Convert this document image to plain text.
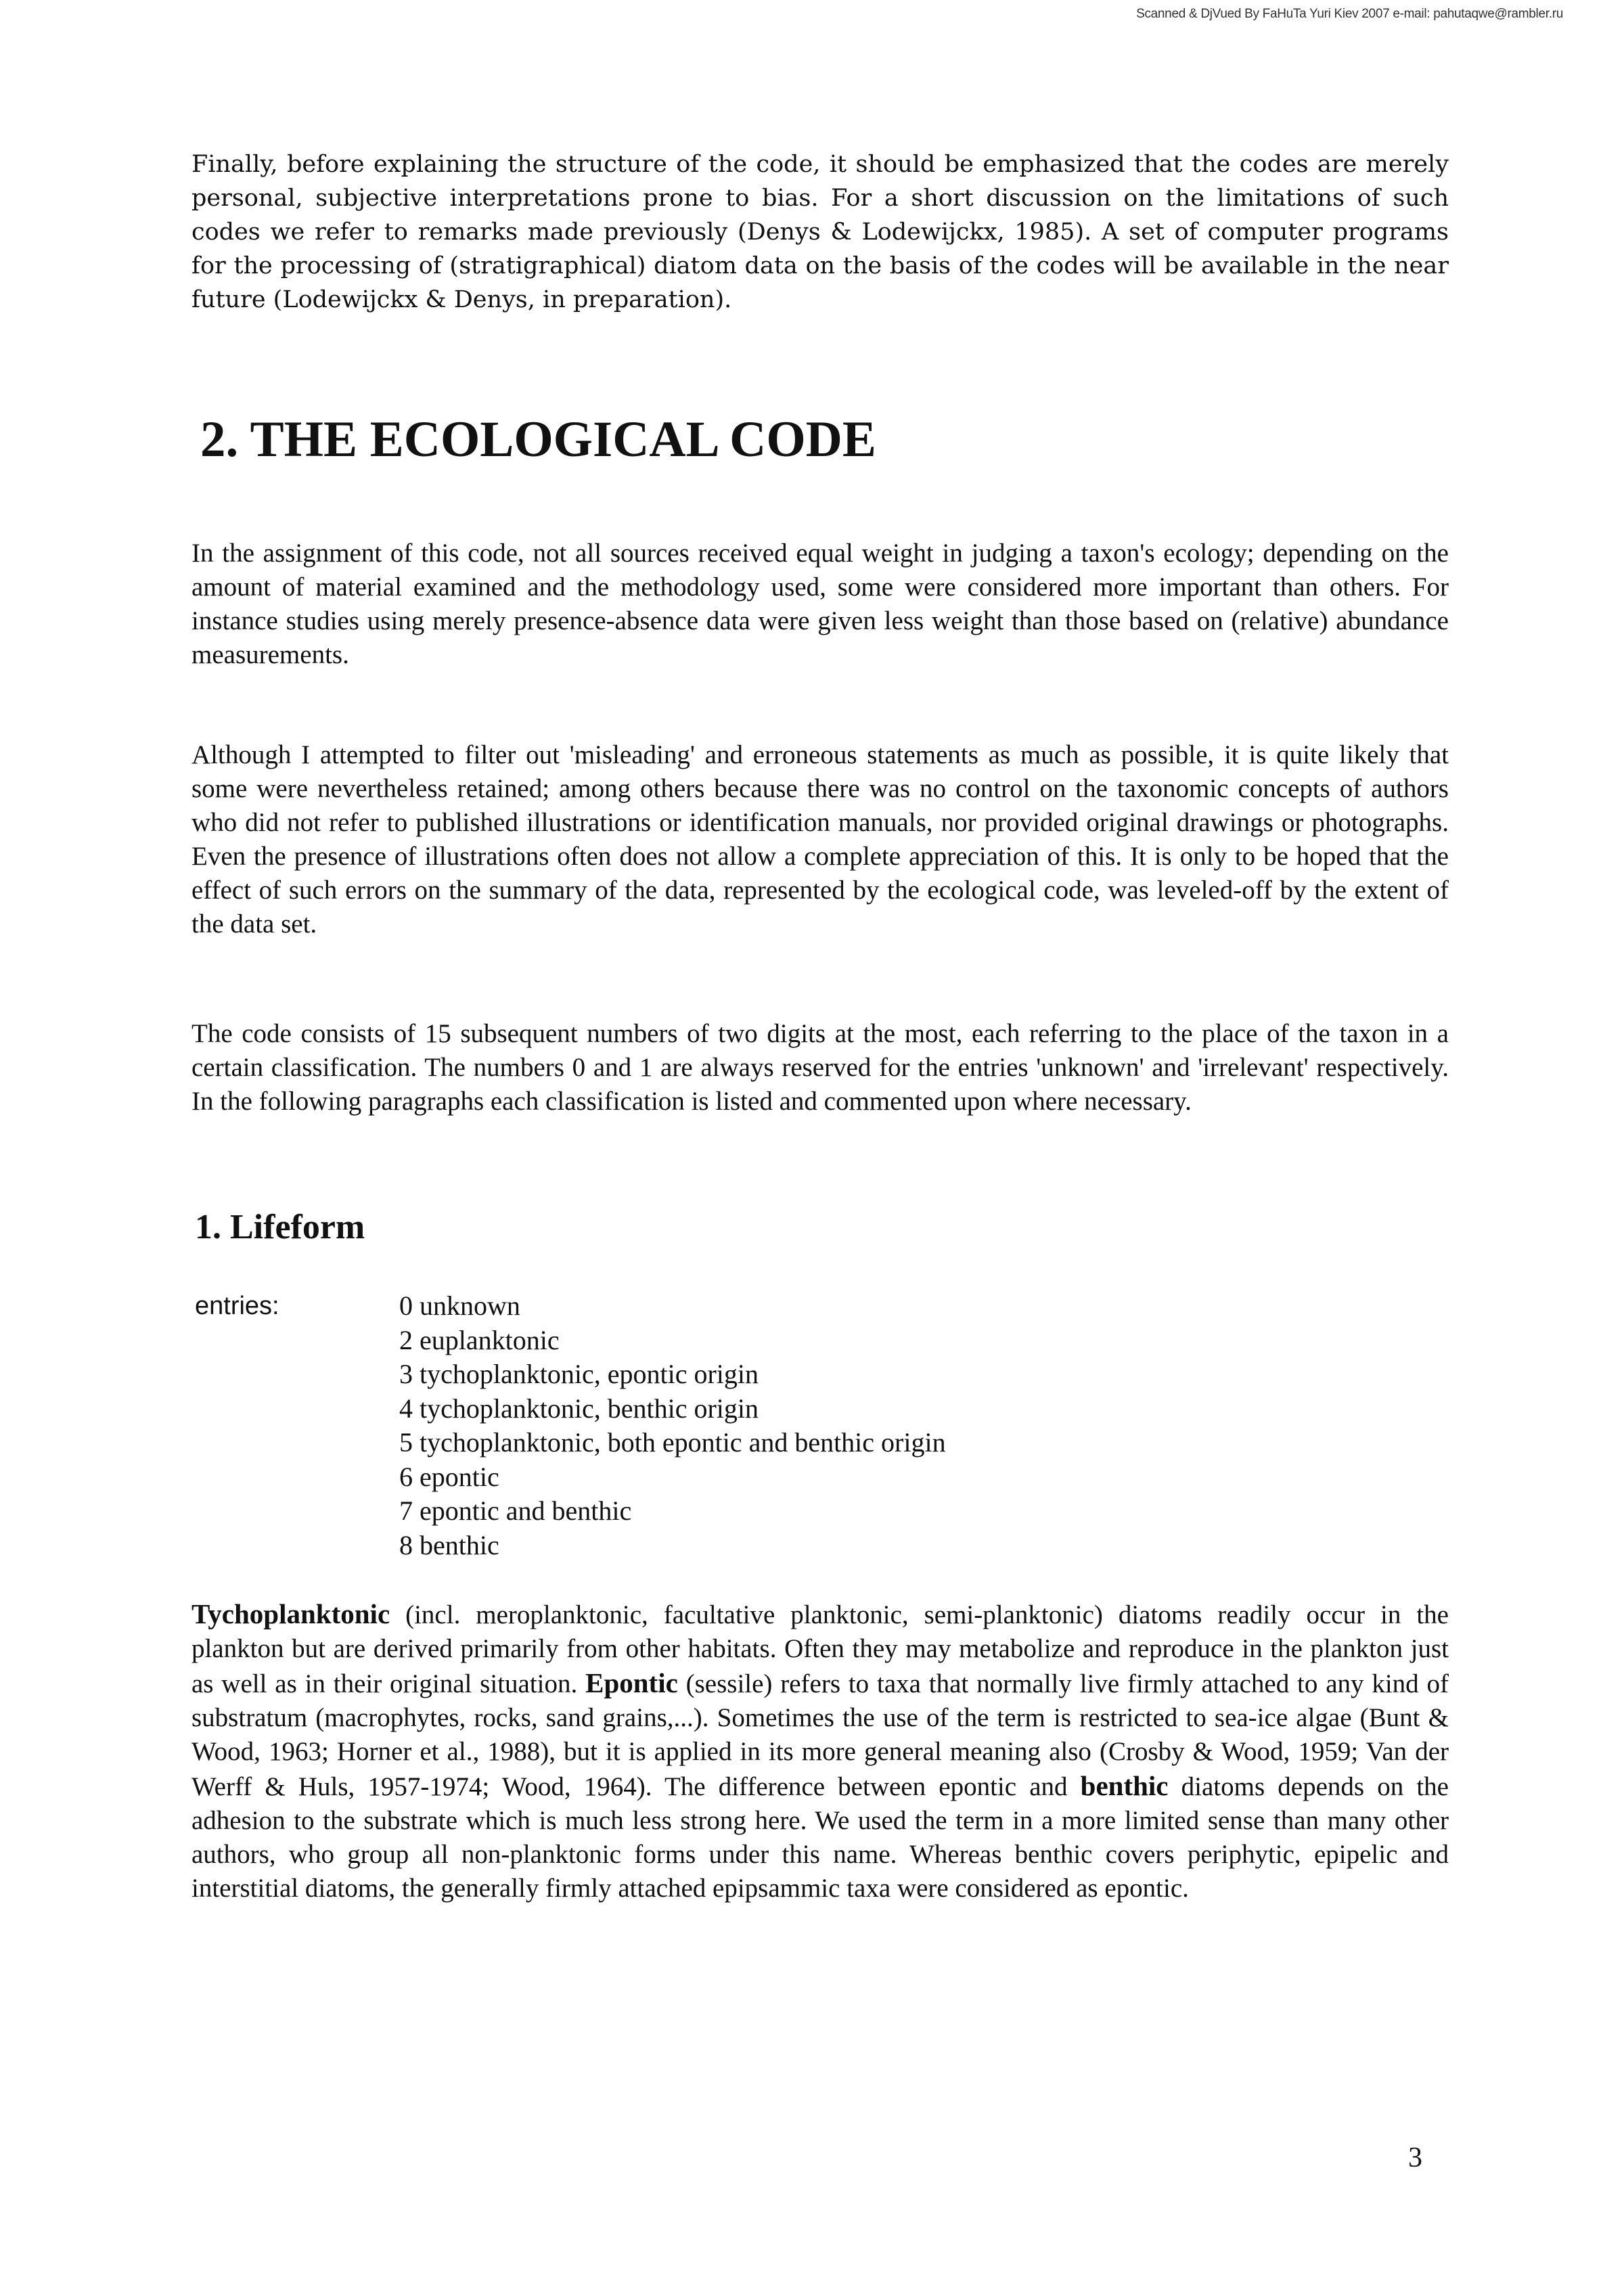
Scanned & DjVued By FaHuTa Yuri Kiev 2007 e-mail: pahutaqwe@rambler.ru

Finally, before explaining the structure of the code, it should be emphasized that the codes are merely personal, subjective interpretations prone to bias. For a short discussion on the limitations of such codes we refer to remarks made previously (Denys & Lodewijckx, 1985). A set of computer programs for the processing of (stratigraphical) diatom data on the basis of the codes will be available in the near future (Lodewijckx & Denys, in preparation).

2. THE ECOLOGICAL CODE

In the assignment of this code, not all sources received equal weight in judging a taxon's ecology; depending on the amount of material examined and the methodology used, some were considered more important than others. For instance studies using merely presence-absence data were given less weight than those based on (relative) abundance measurements.

Although I attempted to filter out 'misleading' and erroneous statements as much as possible, it is quite likely that some were nevertheless retained; among others because there was no control on the taxonomic concepts of authors who did not refer to published illustrations or identification manuals, nor provided original drawings or photographs. Even the presence of illustrations often does not allow a complete appreciation of this. It is only to be hoped that the effect of such errors on the summary of the data, represented by the ecological code, was leveled-off by the extent of the data set.

The code consists of 15 subsequent numbers of two digits at the most, each referring to the place of the taxon in a certain classification. The numbers 0 and 1 are always reserved for the entries 'unknown' and 'irrelevant' respectively. In the following paragraphs each classification is listed and commented upon where necessary.

1. Lifeform
entries:	0 unknown
2 euplanktonic
3 tychoplanktonic, epontic origin
4 tychoplanktonic, benthic origin
5 tychoplanktonic, both epontic and benthic origin
6 epontic
7 epontic and benthic
8 benthic

Tychoplanktonic (incl. meroplanktonic, facultative planktonic, semi-planktonic) diatoms readily occur in the plankton but are derived primarily from other habitats. Often they may metabolize and reproduce in the plankton just as well as in their original situation. Epontic (sessile) refers to taxa that normally live firmly attached to any kind of substratum (macrophytes, rocks, sand grains,...). Sometimes the use of the term is restricted to sea-ice algae (Bunt & Wood, 1963; Horner et al., 1988), but it is applied in its more general meaning also (Crosby & Wood, 1959; Van der Werff & Huls, 1957-1974; Wood, 1964). The difference between epontic and benthic diatoms depends on the adhesion to the substrate which is much less strong here. We used the term in a more limited sense than many other authors, who group all non-planktonic forms under this name. Whereas benthic covers periphytic, epipelic and interstitial diatoms, the generally firmly attached epipsammic taxa were considered as epontic.

3
